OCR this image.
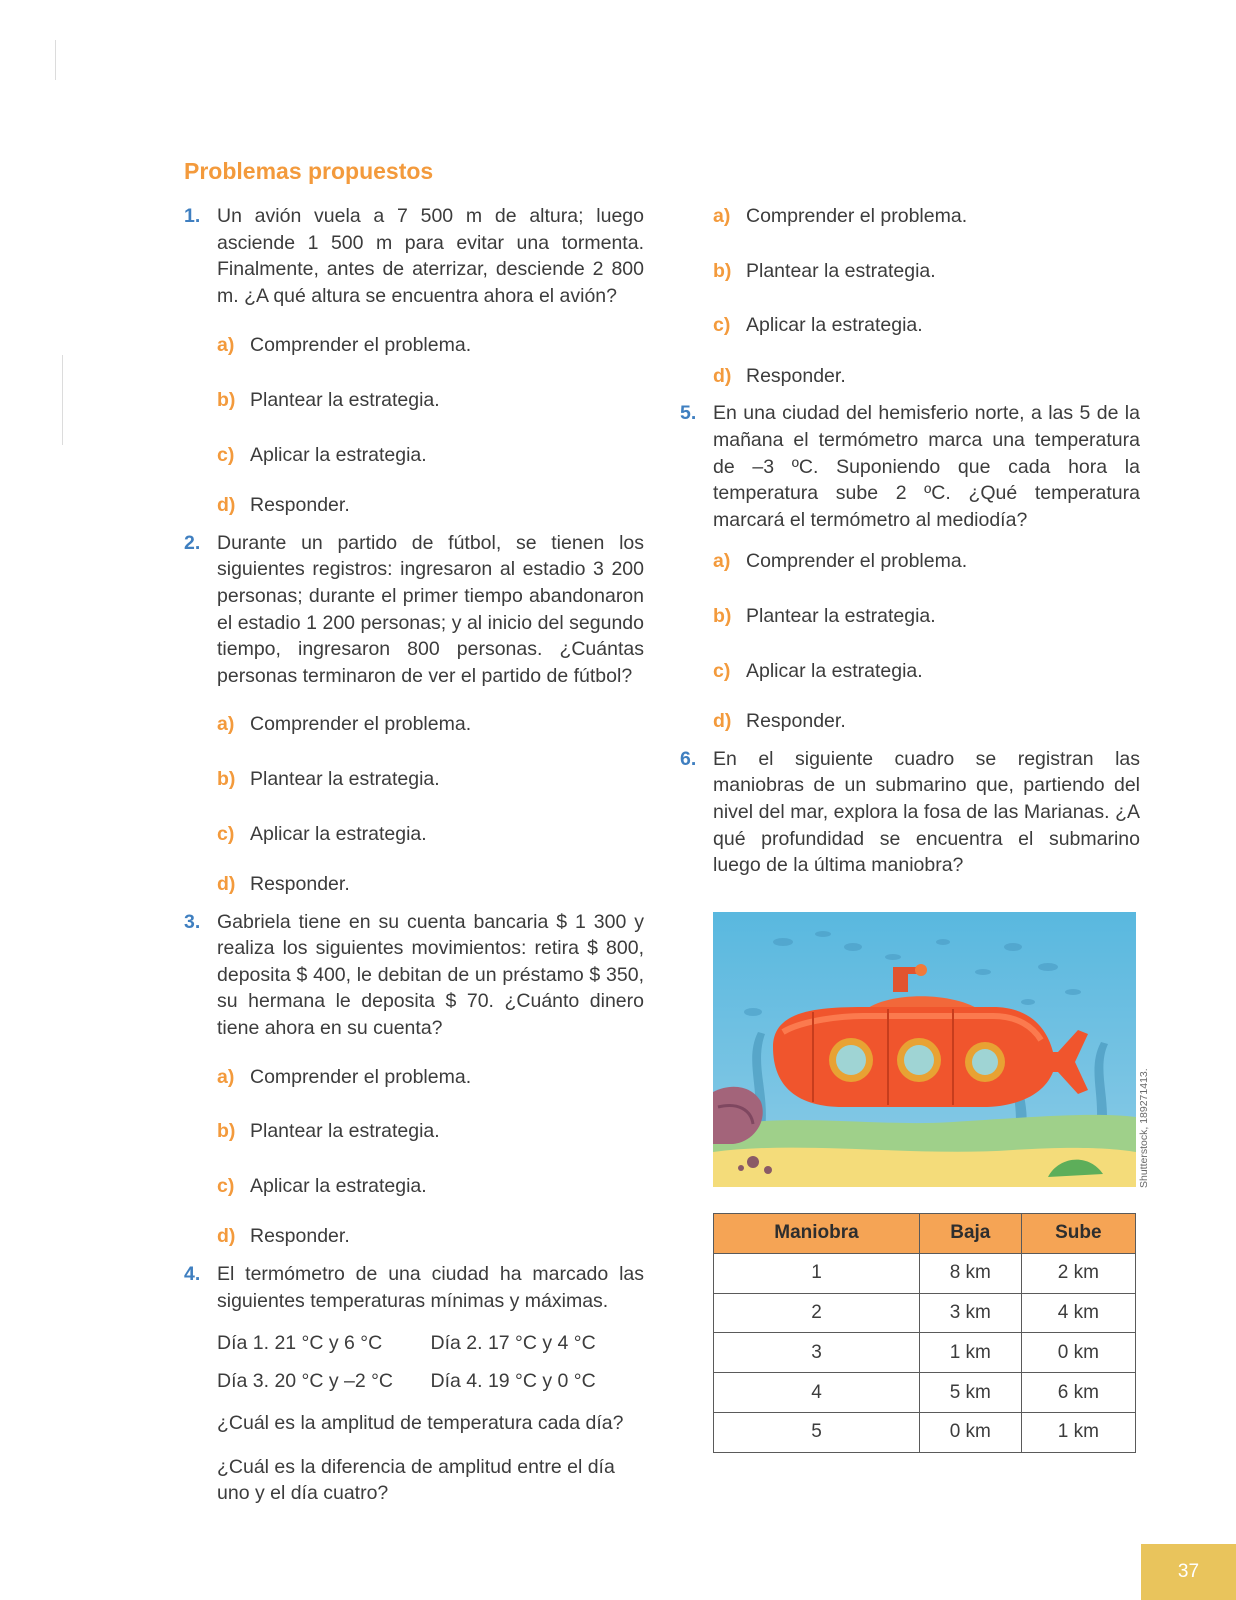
Problemas propuestos
1. Un avión vuela a 7 500 m de altura; luego asciende 1 500 m para evitar una tormenta. Finalmente, antes de aterrizar, desciende 2 800 m. ¿A qué altura se encuentra ahora el avión?
a) Comprender el problema.
b) Plantear la estrategia.
c) Aplicar la estrategia.
d) Responder.
2. Durante un partido de fútbol, se tienen los siguientes registros: ingresaron al estadio 3 200 personas; durante el primer tiempo abandonaron el estadio 1 200 personas; y al inicio del segundo tiempo, ingresaron 800 personas. ¿Cuántas personas terminaron de ver el partido de fútbol?
a) Comprender el problema.
b) Plantear la estrategia.
c) Aplicar la estrategia.
d) Responder.
3. Gabriela tiene en su cuenta bancaria $ 1 300 y realiza los siguientes movimientos: retira $ 800, deposita $ 400, le debitan de un préstamo $ 350, su hermana le deposita $ 70. ¿Cuánto dinero tiene ahora en su cuenta?
a) Comprender el problema.
b) Plantear la estrategia.
c) Aplicar la estrategia.
d) Responder.
4. El termómetro de una ciudad ha marcado las siguientes temperaturas mínimas y máximas.
Día 1. 21 °C y 6 °C	Día 2. 17 °C y 4 °C
Día 3. 20 °C y –2 °C	Día 4. 19 °C y 0 °C
¿Cuál es la amplitud de temperatura cada día?
¿Cuál es la diferencia de amplitud entre el día uno y el día cuatro?
a) Comprender el problema.
b) Plantear la estrategia.
c) Aplicar la estrategia.
d) Responder.
5. En una ciudad del hemisferio norte, a las 5 de la mañana el termómetro marca una temperatura de –3 ºC. Suponiendo que cada hora la temperatura sube 2 ºC. ¿Qué temperatura marcará el termómetro al mediodía?
a) Comprender el problema.
b) Plantear la estrategia.
c) Aplicar la estrategia.
d) Responder.
6. En el siguiente cuadro se registran las maniobras de un submarino que, partiendo del nivel del mar, explora la fosa de las Marianas. ¿A qué profundidad se encuentra el submarino luego de la última maniobra?
Shutterstock, 189271413.
Maniobra	Baja	Sube
1	8 km	2 km
2	3 km	4 km
3	1 km	0 km
4	5 km	6 km
5	0 km	1 km
37
